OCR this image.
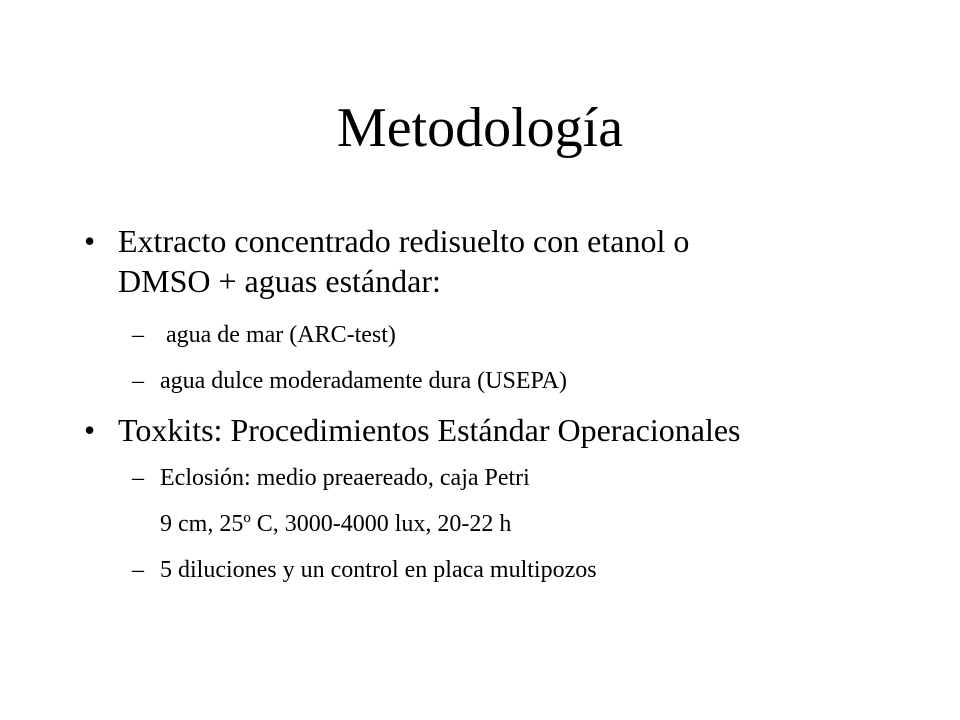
Metodología
• Extracto concentrado redisuelto con etanol o
DMSO + aguas estándar:
– agua de mar (ARC-test)
– agua dulce moderadamente dura (USEPA)
• Toxkits: Procedimientos Estándar Operacionales
– Eclosión: medio preaereado, caja Petri
9 cm, 25º C, 3000-4000 lux, 20-22 h
– 5 diluciones y un control en placa multipozos
